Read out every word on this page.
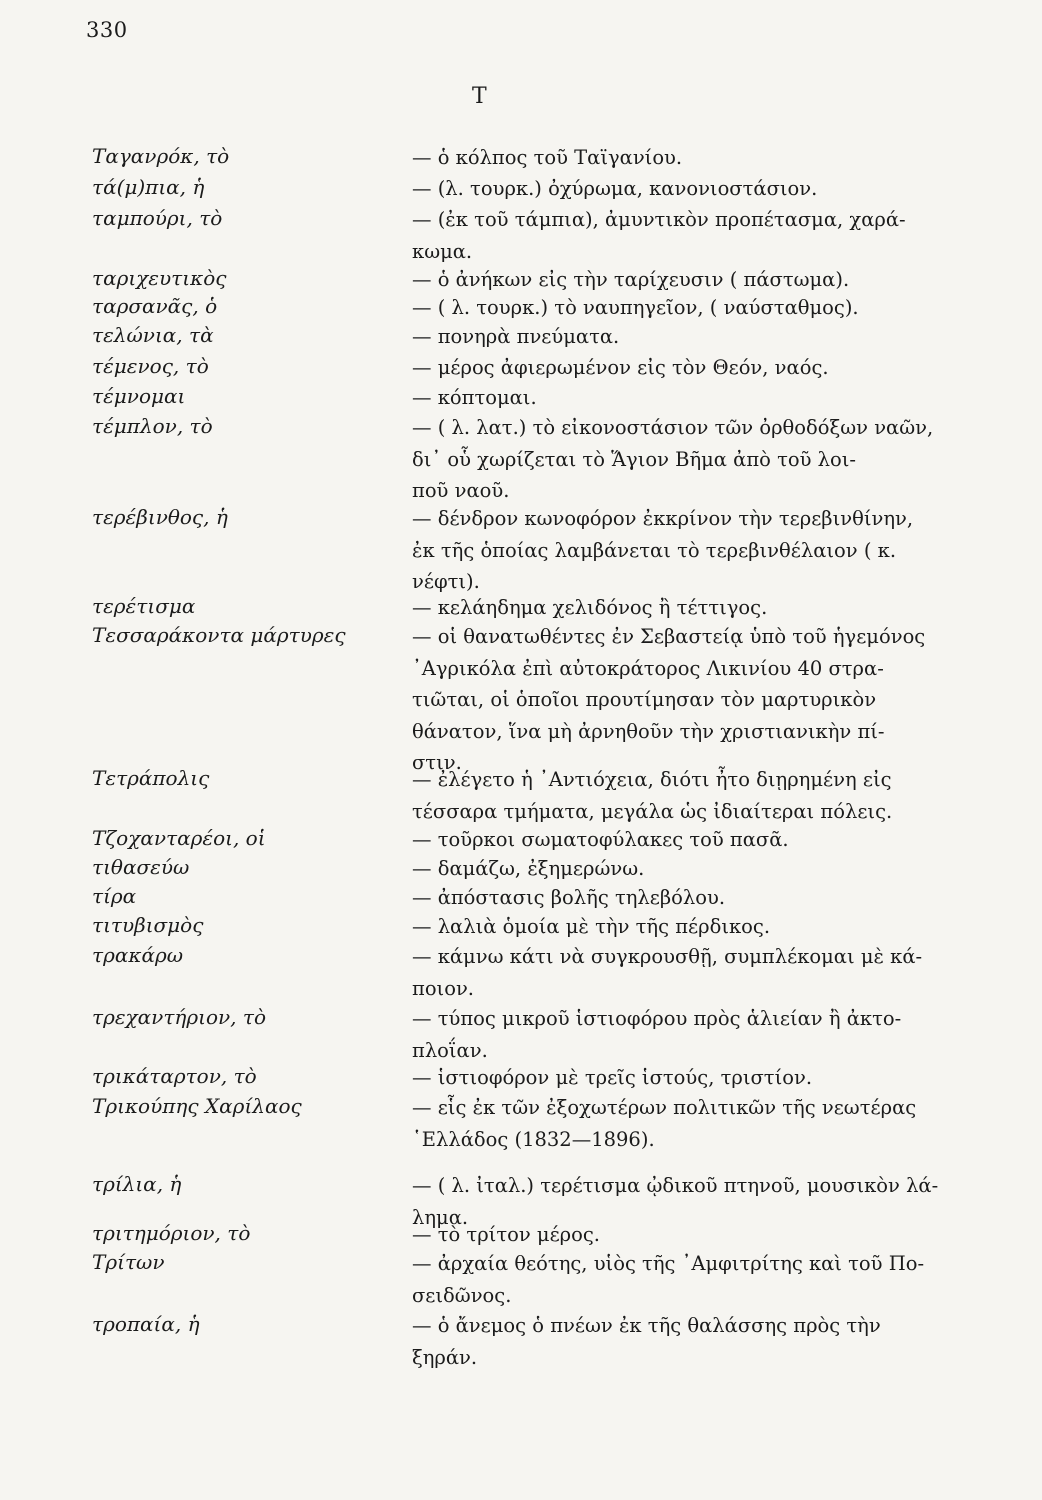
330
T
Ταγανρόκ, τὸ	— ὁ κόλπος τοῦ Ταϊγανίου.
τά(μ)πια, ἡ	— (λ. τουρκ.) ὀχύρωμα, κανονιοστάσιον.
ταμπούρι, τὸ	— (ἐκ τοῦ τάμπια), ἀμυντικὸν προπέτασμα, χαρά-
κωμα.
ταριχευτικὸς	— ὁ ἀνήκων εἰς τὴν ταρίχευσιν ( πάστωμα).
ταρσανᾶς, ὁ	— ( λ. τουρκ.) τὸ ναυπηγεῖον, ( ναύσταθμος).
τελώνια, τὰ	— πονηρὰ πνεύματα.
τέμενος, τὸ	— μέρος ἀφιερωμένον εἰς τὸν Θεόν, ναός.
τέμνομαι	— κόπτομαι.
τέμπλον, τὸ	— ( λ. λατ.) τὸ εἰκονοστάσιον τῶν ὀρθοδόξων ναῶν,
δι᾽ οὗ χωρίζεται τὸ Ἅγιον Βῆμα ἀπὸ τοῦ λοι-
ποῦ ναοῦ.
τερέβινθος, ἡ	— δένδρον κωνοφόρον ἐκκρίνον τὴν τερεβινθίνην,
ἐκ τῆς ὁποίας λαμβάνεται τὸ τερεβινθέλαιον ( κ.
νέφτι).
τερέτισμα	— κελάηδημα χελιδόνος ἢ τέττιγος.
Τεσσαράκοντα μάρτυρες	— οἱ θανατωθέντες ἐν Σεβαστείᾳ ὑπὸ τοῦ ἡγεμόνος
᾿Αγρικόλα ἐπὶ αὐτοκράτορος Λικινίου 40 στρα-
τιῶται, οἱ ὁποῖοι προυτίμησαν τὸν μαρτυρικὸν
θάνατον, ἵνα μὴ ἀρνηθοῦν τὴν χριστιανικὴν πί-
στιν.
Τετράπολις	— ἐλέγετο ἡ ᾿Αντιόχεια, διότι ἦτο διῃρημένη εἰς
τέσσαρα τμήματα, μεγάλα ὡς ἰδιαίτεραι πόλεις.
Τζοχανταρέοι, οἱ	— τοῦρκοι σωματοφύλακες τοῦ πασᾶ.
τιθασεύω	— δαμάζω, ἐξημερώνω.
τίρα	— ἀπόστασις βολῆς τηλεβόλου.
τιτυβισμὸς	— λαλιὰ ὁμοία μὲ τὴν τῆς πέρδικος.
τρακάρω	— κάμνω κάτι νὰ συγκρουσθῇ, συμπλέκομαι μὲ κά-
ποιον.
τρεχαντήριον, τὸ	— τύπος μικροῦ ἱστιοφόρου πρὸς ἁλιείαν ἢ ἀκτο-
πλοΐαν.
τρικάταρτον, τὸ	— ἱστιοφόρον μὲ τρεῖς ἱστούς, τριστίον.
Τρικούπης Χαρίλαος	— εἷς ἐκ τῶν ἐξοχωτέρων πολιτικῶν τῆς νεωτέρας
῾Ελλάδος (1832—1896).
τρίλια, ἡ	— ( λ. ἰταλ.) τερέτισμα ᾠδικοῦ πτηνοῦ, μουσικὸν λά-
λημα.
τριτημόριον, τὸ	— τὸ τρίτον μέρος.
Τρίτων	— ἀρχαία θεότης, υἱὸς τῆς ᾿Αμφιτρίτης καὶ τοῦ Πο-
σειδῶνος.
τροπαία, ἡ	— ὁ ἄνεμος ὁ πνέων ἐκ τῆς θαλάσσης πρὸς τὴν
ξηράν.
